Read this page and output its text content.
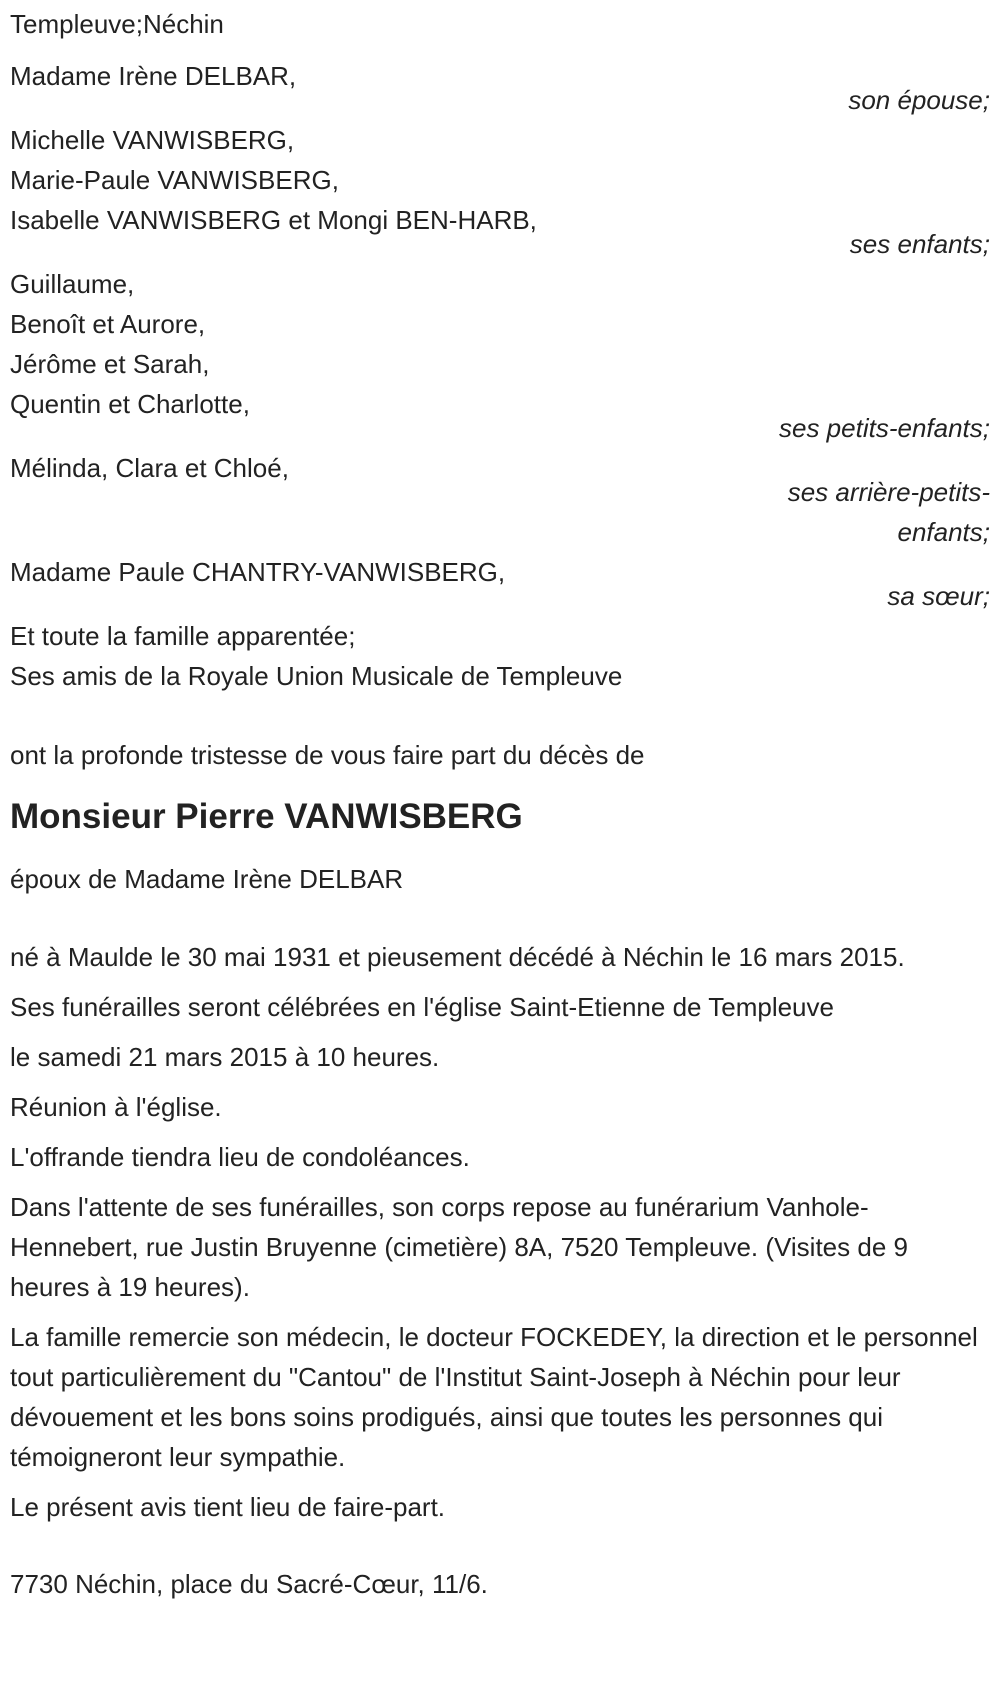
Templeuve;Néchin
Madame Irène DELBAR,
son épouse;
Michelle VANWISBERG,
Marie-Paule VANWISBERG,
Isabelle VANWISBERG et Mongi BEN-HARB,
ses enfants;
Guillaume,
Benoît et Aurore,
Jérôme et Sarah,
Quentin et Charlotte,
ses petits-enfants;
Mélinda, Clara et Chloé,
ses arrière-petits-enfants;
Madame Paule CHANTRY-VANWISBERG,
sa sœur;
Et toute la famille apparentée;
Ses amis de la Royale Union Musicale de Templeuve
ont la profonde tristesse de vous faire part du décès de
Monsieur Pierre VANWISBERG
époux de Madame Irène DELBAR

né à Maulde le 30 mai 1931 et pieusement décédé à Néchin le 16 mars 2015.

Ses funérailles seront célébrées en l'église Saint-Etienne de Templeuve

le samedi 21 mars 2015 à 10 heures.

Réunion à l'église.

L'offrande tiendra lieu de condoléances.

Dans l'attente de ses funérailles, son corps repose au funérarium Vanhole-Hennebert, rue Justin Bruyenne (cimetière) 8A, 7520 Templeuve. (Visites de 9 heures à 19 heures).

La famille remercie son médecin, le docteur FOCKEDEY, la direction et le personnel tout particulièrement du "Cantou" de l'Institut Saint-Joseph à Néchin pour leur dévouement et les bons soins prodigués, ainsi que toutes les personnes qui témoigneront leur sympathie.

Le présent avis tient lieu de faire-part.

7730 Néchin, place du Sacré-Cœur, 11/6.
